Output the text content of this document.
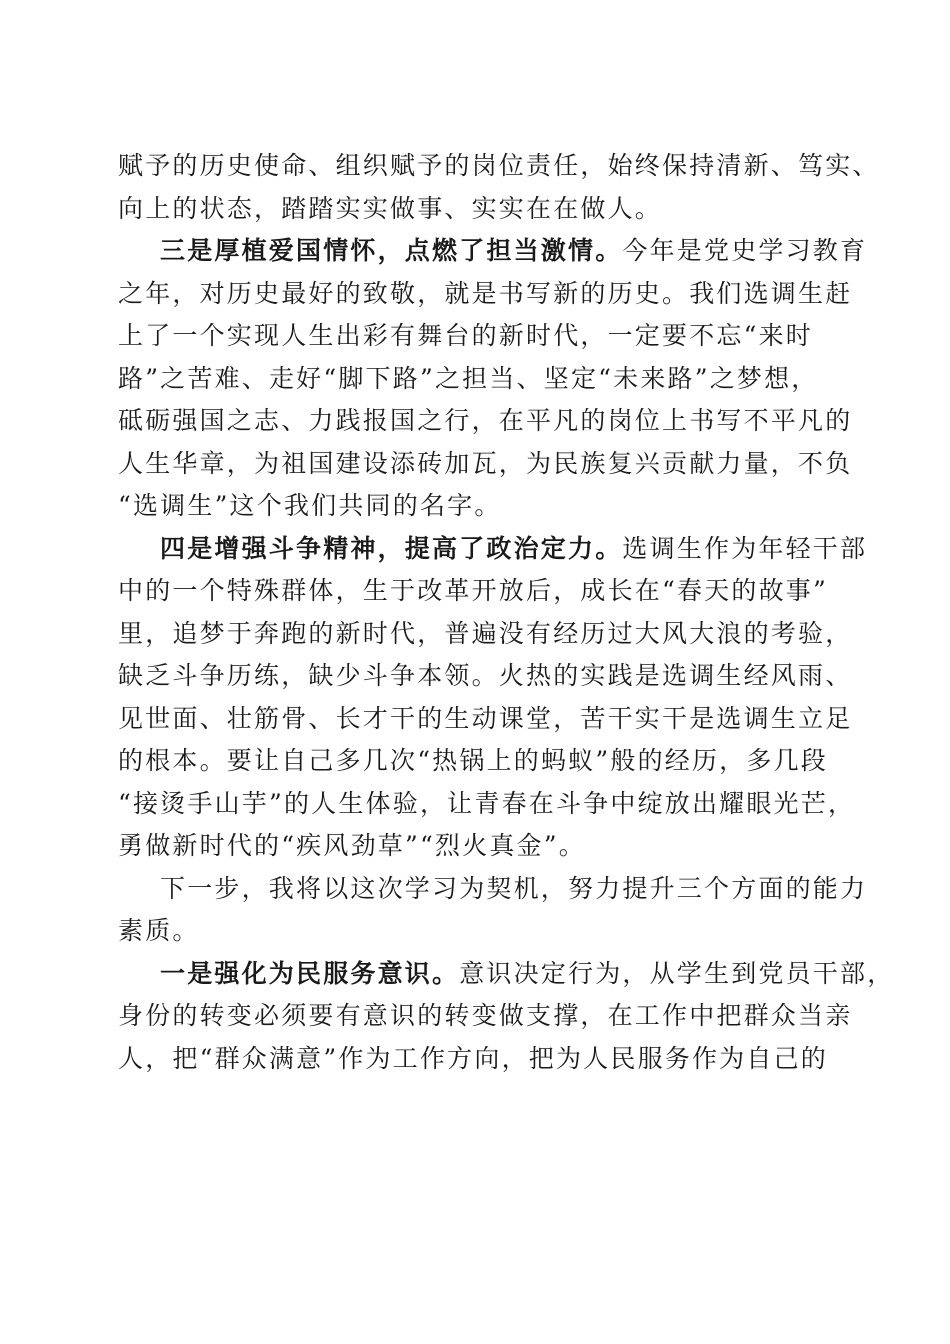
赋予的历史使命、组织赋予的岗位责任，始终保持清新、笃实、
向上的状态，踏踏实实做事、实实在在做人。
三是厚植爱国情怀，点燃了担当激情。今年是党史学习教育
之年，对历史最好的致敬，就是书写新的历史。我们选调生赶
上了一个实现人生出彩有舞台的新时代，一定要不忘“来时
路”之苦难、走好“脚下路”之担当、坚定“未来路”之梦想，
砥砺强国之志、力践报国之行，在平凡的岗位上书写不平凡的
人生华章，为祖国建设添砖加瓦，为民族复兴贡献力量，不负
“选调生”这个我们共同的名字。
四是增强斗争精神，提高了政治定力。选调生作为年轻干部
中的一个特殊群体，生于改革开放后，成长在“春天的故事”
里，追梦于奔跑的新时代，普遍没有经历过大风大浪的考验，
缺乏斗争历练，缺少斗争本领。火热的实践是选调生经风雨、
见世面、壮筋骨、长才干的生动课堂，苦干实干是选调生立足
的根本。要让自己多几次“热锅上的蚂蚁”般的经历，多几段
“接烫手山芋”的人生体验，让青春在斗争中绽放出耀眼光芒，
勇做新时代的“疾风劲草”“烈火真金”。
下一步，我将以这次学习为契机，努力提升三个方面的能力
素质。
一是强化为民服务意识。意识决定行为，从学生到党员干部，
身份的转变必须要有意识的转变做支撑，在工作中把群众当亲
人，把“群众满意”作为工作方向，把为人民服务作为自己的
